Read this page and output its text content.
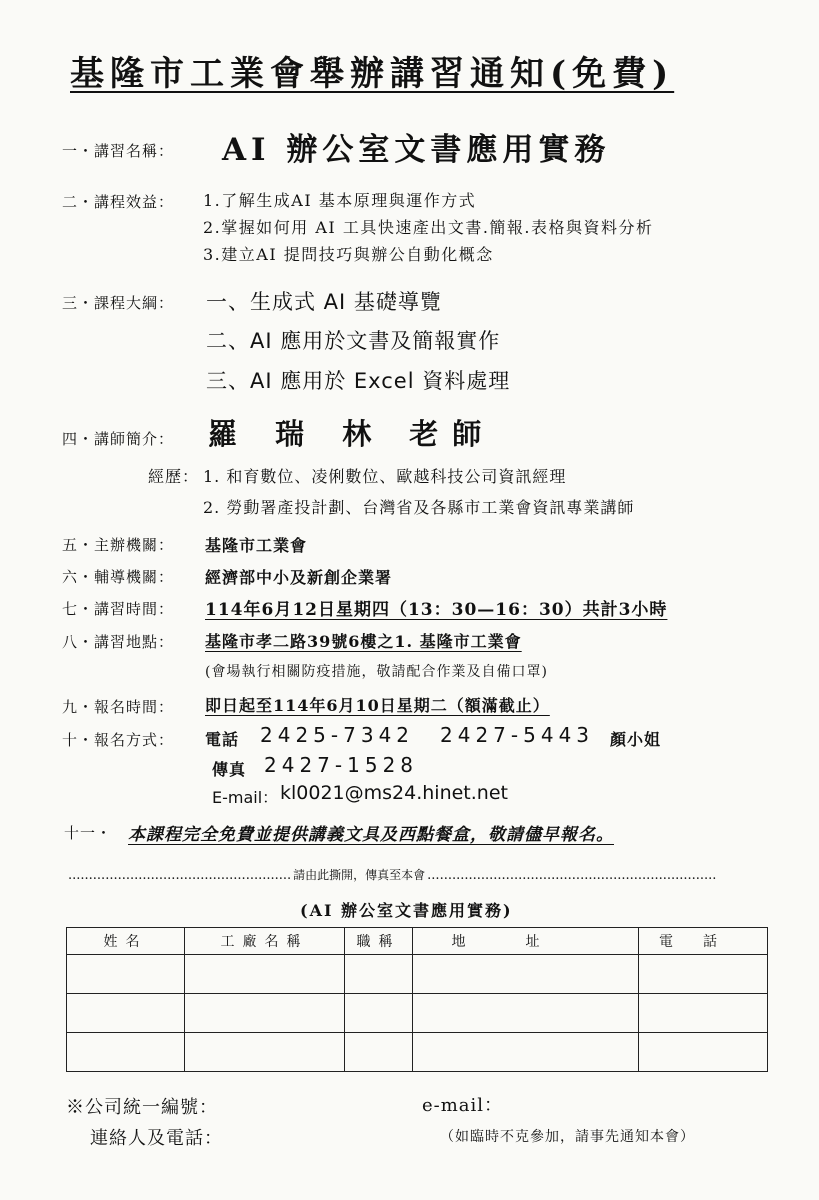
基隆市工業會舉辦講習通知(免費)
一・講習名稱： AI 辦公室文書應用實務
二・講程效益： 1.了解生成AI 基本原理與運作方式
2.掌握如何用 AI 工具快速產出文書.簡報.表格與資料分析
3.建立AI 提問技巧與辦公自動化概念
三・課程大綱： 一、生成式 AI 基礎導覽
二、AI 應用於文書及簡報實作
三、AI 應用於 Excel 資料處理
四・講師簡介： 羅 瑞 林 老師
經歷： 1. 和育數位、凌俐數位、歐越科技公司資訊經理
2. 勞動署產投計劃、台灣省及各縣市工業會資訊專業講師
五・主辦機關： 基隆市工業會
六・輔導機關： 經濟部中小及新創企業署
七・講習時間： 114年6月12日星期四（13：30—16：30）共計3小時
八・講習地點： 基隆市孝二路39號6樓之1. 基隆市工業會
(會場執行相關防疫措施，敬請配合作業及自備口罩)
九・報名時間： 即日起至114年6月10日星期二（額滿截止）
十・報名方式： 電話 2425-7342 2427-5443 顏小姐
傳真 2427-1528
E-mail： kl0021@ms24.hinet.net
十一・ 本課程完全免費並提供講義文具及西點餐盒，敬請儘早報名。
...................................................... 請由此撕開，傳真至本會 ......................................................................
(AI 辦公室文書應用實務)
姓名	工廠名稱	職稱	地址	電話

※公司統一編號：	e-mail：
連絡人及電話：	（如臨時不克參加，請事先通知本會）
